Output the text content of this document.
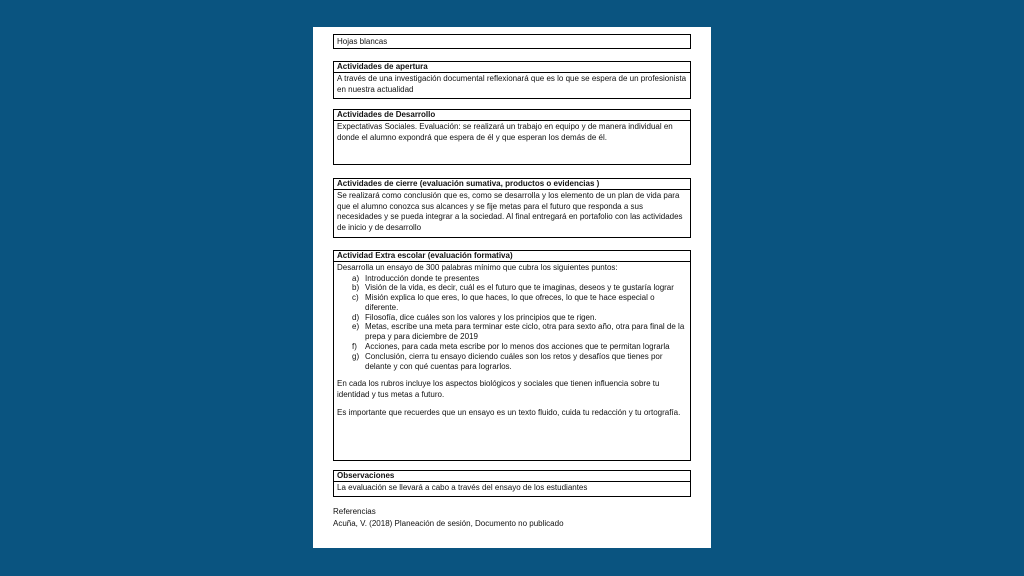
Hojas blancas
Actividades de apertura
A través de una investigación documental reflexionará que es lo que se espera de un profesionista en nuestra actualidad
Actividades de Desarrollo
Expectativas Sociales. Evaluación: se realizará un trabajo en equipo y de manera individual en donde el alumno expondrá que espera de él y que esperan los demás de él.
Actividades de cierre (evaluación sumativa, productos o evidencias )
Se realizará como conclusión que es, como se desarrolla y los elemento de un plan de vida para que el alumno conozca sus alcances y se fije metas para el futuro que responda a sus necesidades y se pueda integrar a la sociedad. Al final entregará en portafolio con las actividades de inicio y de desarrollo
Actividad Extra escolar (evaluación formativa)
Desarrolla un ensayo de 300 palabras mínimo que cubra los siguientes puntos:
a) Introducción donde te presentes
b) Visión de la vida, es decir, cuál es el futuro que te imaginas, deseos y te gustaría lograr
c) Misión explica lo que eres, lo que haces, lo que ofreces, lo que te hace especial o diferente.
d) Filosofía, dice cuáles son los valores y los principios que te rigen.
e) Metas, escribe una meta para terminar este ciclo, otra para sexto año, otra para final de la prepa y para diciembre de 2019
f)	Acciones, para cada meta escribe por lo menos dos acciones que te permitan lograrla
g) Conclusión, cierra tu ensayo diciendo cuáles son los retos y desafíos que tienes por delante y con qué cuentas para lograrlos.
En cada los rubros incluye los aspectos biológicos y sociales que tienen influencia sobre tu identidad y tus metas a futuro.
Es importante que recuerdes que un ensayo es un texto fluido, cuida tu redacción y tu ortografía.
Observaciones
La evaluación se llevará a cabo a través del ensayo de los estudiantes
Referencias
Acuña, V. (2018) Planeación de sesión, Documento no publicado
